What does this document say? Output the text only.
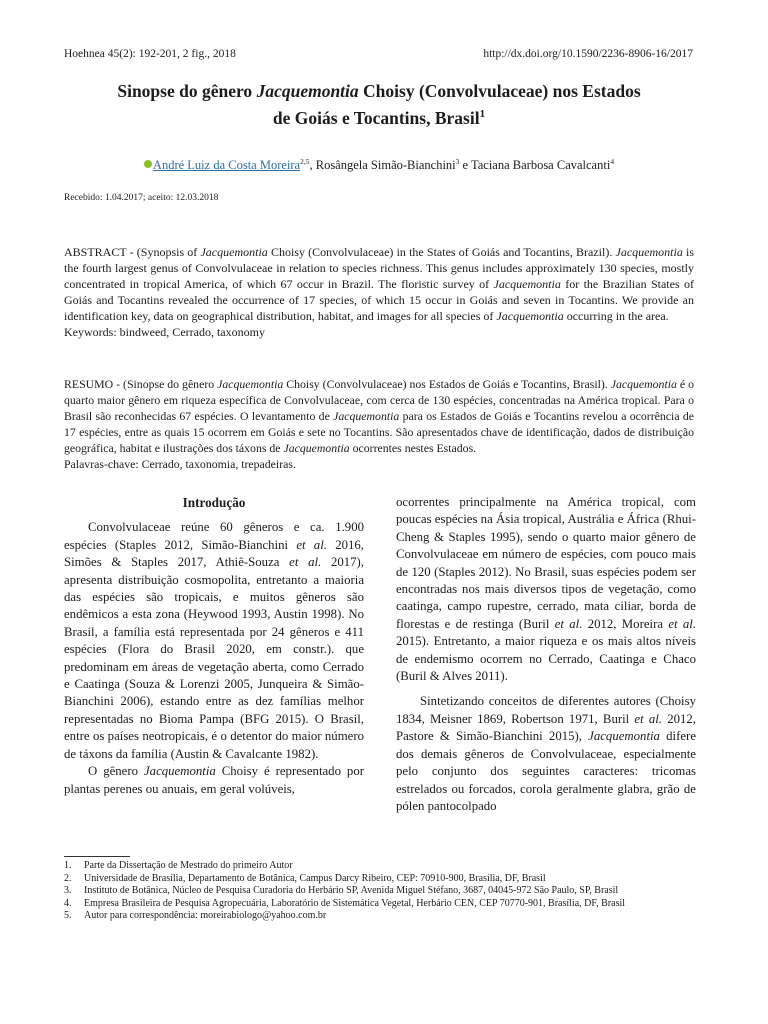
Hoehnea 45(2): 192-201, 2 fig., 2018	http://dx.doi.org/10.1590/2236-8906-16/2017
Sinopse do gênero Jacquemontia Choisy (Convolvulaceae) nos Estados
de Goiás e Tocantins, Brasil$^1$
André Luiz da Costa Moreira$^{2,5}$, Rosângela Simão-Bianchini$^3$ e Taciana Barbosa Cavalcanti$^4$
Recebido: 1.04.2017; aceito: 12.03.2018

ABSTRACT - (Synopsis of Jacquemontia Choisy (Convolvulaceae) in the States of Goiás and Tocantins, Brazil). Jacquemontia is the fourth largest genus of Convolvulaceae in relation to species richness. This genus includes approximately 130 species, mostly concentrated in tropical America, of which 67 occur in Brazil. The floristic survey of Jacquemontia for the Brazilian States of Goiás and Tocantins revealed the occurrence of 17 species, of which 15 occur in Goiás and seven in Tocantins. We provide an identification key, data on geographical distribution, habitat, and images for all species of Jacquemontia occurring in the area.

Keywords: bindweed, Cerrado, taxonomy

RESUMO - (Sinopse do gênero Jacquemontia Choisy (Convolvulaceae) nos Estados de Goiás e Tocantins, Brasil). Jacquemontia é o quarto maior gênero em riqueza específica de Convolvulaceae, com cerca de 130 espécies, concentradas na América tropical. Para o Brasil são reconhecidas 67 espécies. O levantamento de Jacquemontia para os Estados de Goiás e Tocantins revelou a ocorrência de 17 espécies, entre as quais 15 ocorrem em Goiás e sete no Tocantins. São apresentados chave de identificação, dados de distribuição geográfica, habitat e ilustrações dos táxons de Jacquemontia ocorrentes nestes Estados.

Palavras-chave: Cerrado, taxonomia, trepadeiras.

Introdução

Convolvulaceae reúne 60 gêneros e ca. 1.900 espécies (Staples 2012, Simão-Bianchini et al. 2016, Simões & Staples 2017, Athiê-Souza et al. 2017), apresenta distribuição cosmopolita, entretanto a maioria das espécies são tropicais, e muitos gêneros são endêmicos a esta zona (Heywood 1993, Austin 1998). No Brasil, a família está representada por 24 gêneros e 411 espécies (Flora do Brasil 2020, em constr.). que predominam em áreas de vegetação aberta, como Cerrado e Caatinga (Souza & Lorenzi 2005, Junqueira & Simão-Bianchini 2006), estando entre as dez famílias melhor representadas no Bioma Pampa (BFG 2015). O Brasil, entre os países neotropicais, é o detentor do maior número de táxons da família (Austin & Cavalcante 1982).

O gênero Jacquemontia Choisy é representado por plantas perenes ou anuais, em geral volúveis,

ocorrentes principalmente na América tropical, com poucas espécies na Ásia tropical, Austrália e África (Rhui-Cheng & Staples 1995), sendo o quarto maior gênero de Convolvulaceae em número de espécies, com pouco mais de 120 (Staples 2012). No Brasil, suas espécies podem ser encontradas nos mais diversos tipos de vegetação, como caatinga, campo rupestre, cerrado, mata ciliar, borda de florestas e de restinga (Buril et al. 2012, Moreira et al. 2015). Entretanto, a maior riqueza e os mais altos níveis de endemismo ocorrem no Cerrado, Caatinga e Chaco (Buril & Alves 2011).

Sintetizando conceitos de diferentes autores (Choisy 1834, Meisner 1869, Robertson 1971, Buril et al. 2012, Pastore & Simão-Bianchini 2015), Jacquemontia difere dos demais gêneros de Convolvulaceae, especialmente pelo conjunto dos seguintes caracteres: tricomas estrelados ou forcados, corola geralmente glabra, grão de pólen pantocolpado

1.	Parte da Dissertação de Mestrado do primeiro Autor
2.	Universidade de Brasília, Departamento de Botânica, Campus Darcy Ribeiro, CEP: 70910-900, Brasília, DF, Brasil
3.	Instituto de Botânica, Núcleo de Pesquisa Curadoria do Herbário SP, Avenida Miguel Stéfano, 3687, 04045-972 São Paulo, SP, Brasil
4.	Empresa Brasileira de Pesquisa Agropecuária, Laboratório de Sistemática Vegetal, Herbário CEN, CEP 70770-901, Brasília, DF, Brasil
5.	Autor para correspondência: moreirabiologo@yahoo.com.br
